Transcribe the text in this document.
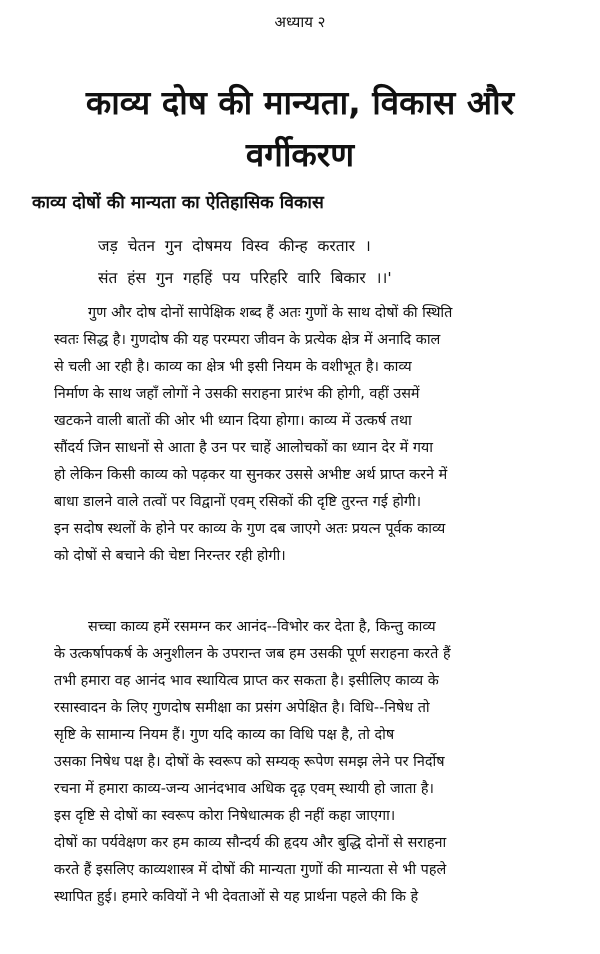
अध्याय २
काव्य दोष की मान्यता, विकास और
वर्गीकरण
काव्य दोषों की मान्यता का ऐतिहासिक विकास
जड़ चेतन गुन दोषमय विस्व कीन्ह करतार ।
संत हंस गुन गहहिं पय परिहरि वारि बिकार ।।'

गुण और दोष दोनों सापेक्षिक शब्द हैं अतः गुणों के साथ दोषों की स्थिति

स्वतः सिद्ध है। गुणदोष की यह परम्परा जीवन के प्रत्येक क्षेत्र में अनादि काल

से चली आ रही है। काव्य का क्षेत्र भी इसी नियम के वशीभूत है। काव्य

निर्माण के साथ जहाँ लोगों ने उसकी सराहना प्रारंभ की होगी, वहीं उसमें

खटकने वाली बातों की ओर भी ध्यान दिया होगा। काव्य में उत्कर्ष तथा

सौंदर्य जिन साधनों से आता है उन पर चाहें आलोचकों का ध्यान देर में गया

हो लेकिन किसी काव्य को पढ़कर या सुनकर उससे अभीष्ट अर्थ प्राप्त करने में

बाधा डालने वाले तत्वों पर विद्वानों एवम् रसिकों की दृष्टि तुरन्त गई होगी।

इन सदोष स्थलों के होने पर काव्य के गुण दब जाएगे अतः प्रयत्न पूर्वक काव्य

को दोषों से बचाने की चेष्टा निरन्तर रही होगी।

सच्चा काव्य हमें रसमग्न कर आनंद--विभोर कर देता है, किन्तु काव्य

के उत्कर्षापकर्ष के अनुशीलन के उपरान्त जब हम उसकी पूर्ण सराहना करते हैं

तभी हमारा वह आनंद भाव स्थायित्व प्राप्त कर सकता है। इसीलिए काव्य के

रसास्वादन के लिए गुणदोष समीक्षा का प्रसंग अपेक्षित है। विधि--निषेध तो

सृष्टि के सामान्य नियम हैं। गुण यदि काव्य का विधि पक्ष है, तो दोष

उसका निषेध पक्ष है। दोषों के स्वरूप को सम्यक् रूपेण समझ लेने पर निर्दोष

रचना में हमारा काव्य-जन्य आनंदभाव अधिक दृढ़ एवम् स्थायी हो जाता है।

इस दृष्टि से दोषों का स्वरूप कोरा निषेधात्मक ही नहीं कहा जाएगा।

दोषों का पर्यवेक्षण कर हम काव्य सौन्दर्य की हृदय और बुद्धि दोनों से सराहना

करते हैं इसलिए काव्यशास्त्र में दोषों की मान्यता गुणों की मान्यता से भी पहले

स्थापित हुई। हमारे कवियों ने भी देवताओं से यह प्रार्थना पहले की कि हे
